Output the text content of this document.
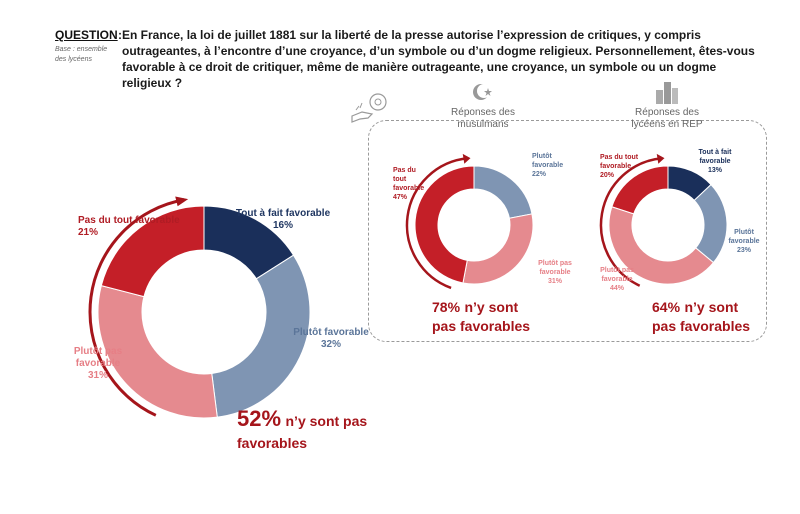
QUESTION : En France, la loi de juillet 1881 sur la liberté de la presse autorise l’expression de critiques, y compris outrageantes, à l’encontre d’une croyance, d’un symbole ou d’un dogme religieux. Personnellement, êtes-vous favorable à ce droit de critiquer, même de manière outrageante, une croyance, un symbole ou un dogme religieux ?
Base : ensemble des lycéens
Réponses des musulmans
Réponses des lycéens en REP
Pas du tout favorable
21%
Tout à fait favorable
16%
Plutôt favorable
32%
Plutôt pas favorable
31%
52% n’y sont pas
favorables
Pas du tout favorable
47%
Plutôt favorable
22%
Plutôt pas favorable
31%
78% n’y sont
pas favorables
Pas du tout favorable
20%
Tout à fait favorable
13%
Plutôt favorable
23%
Plutôt pas favorable
44%
64% n’y sont
pas favorables
